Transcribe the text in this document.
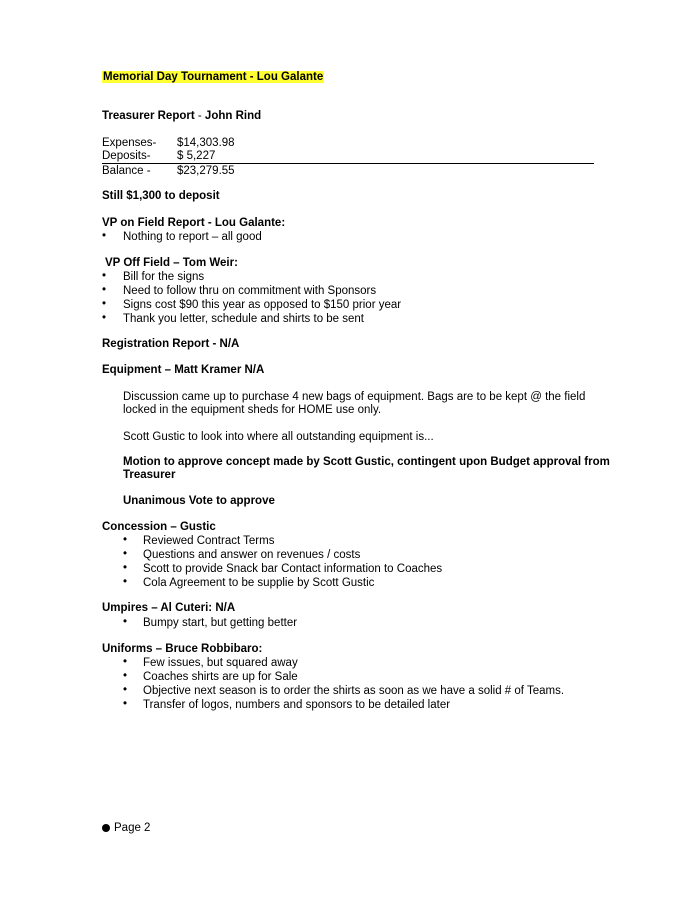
Memorial Day Tournament - Lou Galante
Treasurer Report - John Rind
Expenses- $14,303.98
Deposits- $ 5,227
Balance - $23,279.55
Still $1,300 to deposit
VP on Field Report - Lou Galante:
• Nothing to report – all good
VP Off Field – Tom Weir:
• Bill for the signs
• Need to follow thru on commitment with Sponsors
• Signs cost $90 this year as opposed to $150 prior year
• Thank you letter, schedule and shirts to be sent
Registration Report - N/A
Equipment – Matt Kramer N/A
Discussion came up to purchase 4 new bags of equipment. Bags are to be kept @ the field
locked in the equipment sheds for HOME use only.
Scott Gustic to look into where all outstanding equipment is...
Motion to approve concept made by Scott Gustic, contingent upon Budget approval from
Treasurer
Unanimous Vote to approve
Concession – Gustic
• Reviewed Contract Terms
• Questions and answer on revenues / costs
• Scott to provide Snack bar Contact information to Coaches
• Cola Agreement to be supplie by Scott Gustic
Umpires – Al Cuteri: N/A
• Bumpy start, but getting better
Uniforms – Bruce Robbibaro:
• Few issues, but squared away
• Coaches shirts are up for Sale
• Objective next season is to order the shirts as soon as we have a solid # of Teams.
• Transfer of logos, numbers and sponsors to be detailed later
Page 2
